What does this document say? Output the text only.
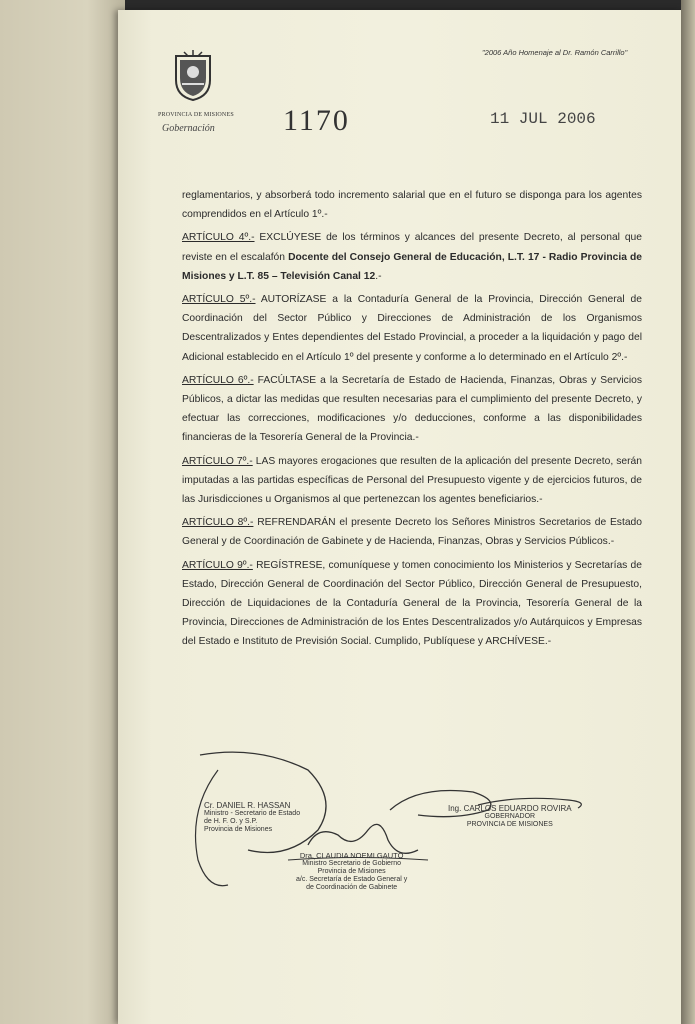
"2006 Año Homenaje al Dr. Ramón Carrillo"
PROVINCIA DE MISIONES
Gobernación 1170	11 JUL 2006

reglamentarios, y absorberá todo incremento salarial que en el futuro se disponga para los agentes comprendidos en el Artículo 1º.-

ARTÍCULO 4º.- EXCLÚYESE de los términos y alcances del presente Decreto, al personal que reviste en el escalafón Docente del Consejo General de Educación, L.T. 17 - Radio Provincia de Misiones y L.T. 85 – Televisión Canal 12.-

ARTÍCULO 5º.- AUTORÍZASE a la Contaduría General de la Provincia, Dirección General de Coordinación del Sector Público y Direcciones de Administración de los Organismos Descentralizados y Entes dependientes del Estado Provincial, a proceder a la liquidación y pago del Adicional establecido en el Artículo 1º del presente y conforme a lo determinado en el Artículo 2º.-

ARTÍCULO 6º.- FACÚLTASE a la Secretaría de Estado de Hacienda, Finanzas, Obras y Servicios Públicos, a dictar las medidas que resulten necesarias para el cumplimiento del presente Decreto, y efectuar las correcciones, modificaciones y/o deducciones, conforme a las disponibilidades financieras de la Tesorería General de la Provincia.-

ARTÍCULO 7º.- LAS mayores erogaciones que resulten de la aplicación del presente Decreto, serán imputadas a las partidas específicas de Personal del Presupuesto vigente y de ejercicios futuros, de las Jurisdicciones u Organismos al que pertenezcan los agentes beneficiarios.-

ARTÍCULO 8º.- REFRENDARÁN el presente Decreto los Señores Ministros Secretarios de Estado General y de Coordinación de Gabinete y de Hacienda, Finanzas, Obras y Servicios Públicos.-

ARTÍCULO 9º.- REGÍSTRESE, comuníquese y tomen conocimiento los Ministerios y Secretarías de Estado, Dirección General de Coordinación del Sector Público, Dirección General de Presupuesto, Dirección de Liquidaciones de la Contaduría General de la Provincia, Tesorería General de la Provincia, Direcciones de Administración de los Entes Descentralizados y/o Autárquicos y Empresas del Estado e Instituto de Previsión Social. Cumplido, Publíquese y ARCHÍVESE.-

Cr. DANIEL R. HASSAN
Ministro - Secretario de Estado
de H. F. O. y S.P.
Provincia de Misiones
Dra. CLAUDIA NOEMI GAUTO
Ministro Secretario de Gobierno
Provincia de Misiones
a/c. Secretaría de Estado General y
de Coordinación de Gabinete
Ing. CARLOS EDUARDO ROVIRA
GOBERNADOR
PROVINCIA DE MISIONES
